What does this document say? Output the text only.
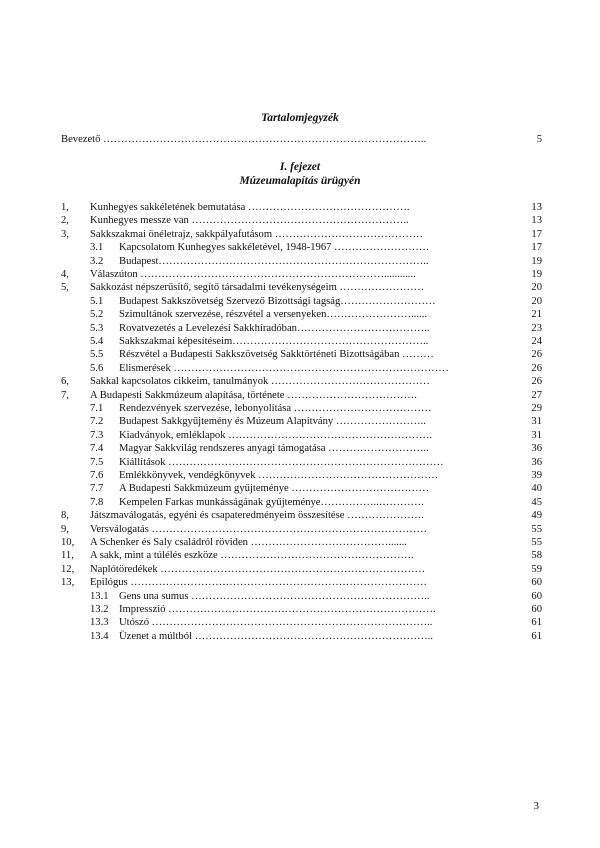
Tartalomjegyzék
Bevezető ………………………………………………………………………………..	5
I. fejezet
Múzeumalapítás ürügyén
1, Kunhegyes sakkéletének bemutatása ……………………………………….	13
2, Kunhegyes messze van ……………………………………………………..	13
3, Sakkszakmai önéletrajz, sakkpályafutásom ……………………………………	17
3.1 Kapcsolatom Kunhegyes sakkéletével, 1948-1967 ………………………	17
3.2 Budapest…………………………………………………………………..	19
4, Válaszúton ……………………………………………………………............	19
5, Sakkozást népszerűsítő, segítő társadalmi tevékenységeim ……………………	20
5.1 Budapest Sakkszövetség Szervező Bizottsági tagság………………………	20
5.2 Szimultánok szervezése, részvétel a versenyeken……………………......	21
5.3 Rovatvezetés a Levelezési Sakkhíradóban………………………………..	23
5.4 Sakkszakmai képesítéseim………………………………………………..	24
5.5 Részvétel a Budapesti Sakkszövetség Sakktörténeti Bizottságában ………	26
5.6 Elismerések ……………………………………………………………………	26
6, Sakkal kapcsolatos cikkeim, tanulmányok ………………………………………	26
7, A Budapesti Sakkmúzeum alapítása, története ……………………………….	27
7.1 Rendezvények szervezése, lebonyolítása …………………………………	29
7.2 Budapest Sakkgyűjtemény és Múzeum Alapítvány ……………………..	31
7.3 Kiadványok, emléklapok ………………………………………………….	31
7.4 Magyar Sakkvilág rendszeres anyagi támogatása ………………………..	36
7.5 Kiállítások ……………………………………………………………………	36
7.6 Emlékkönyvek, vendégkönyvek ……………………………………………	39
7.7 A Budapesti Sakkmúzeum gyűjteménye …………………………………	40
7.8 Kempelen Farkas munkásságának gyűjteménye……………..………….	45
8, Játszmaválogatás, egyéni és csapateredményeim összesítése ………………….	49
9, Versválogatás ……………………………………………………………………	55
10, A Schenker és Saly családról röviden ………………………………….......	55
11, A sakk, mint a túlélés eszköze ……………………………………………….	58
12, Naplótöredékek …………………………………………………………………	59
13, Epilógus …………………………………………………………………………	60
13.1 Gens una sumus …………………………………………………………..	60
13.2 Impresszió ………………………………………………………………….	60
13.3 Utószó ……………………………………………………………………..	61
13.4 Üzenet a múltból …………………………………………………………..	61
3
